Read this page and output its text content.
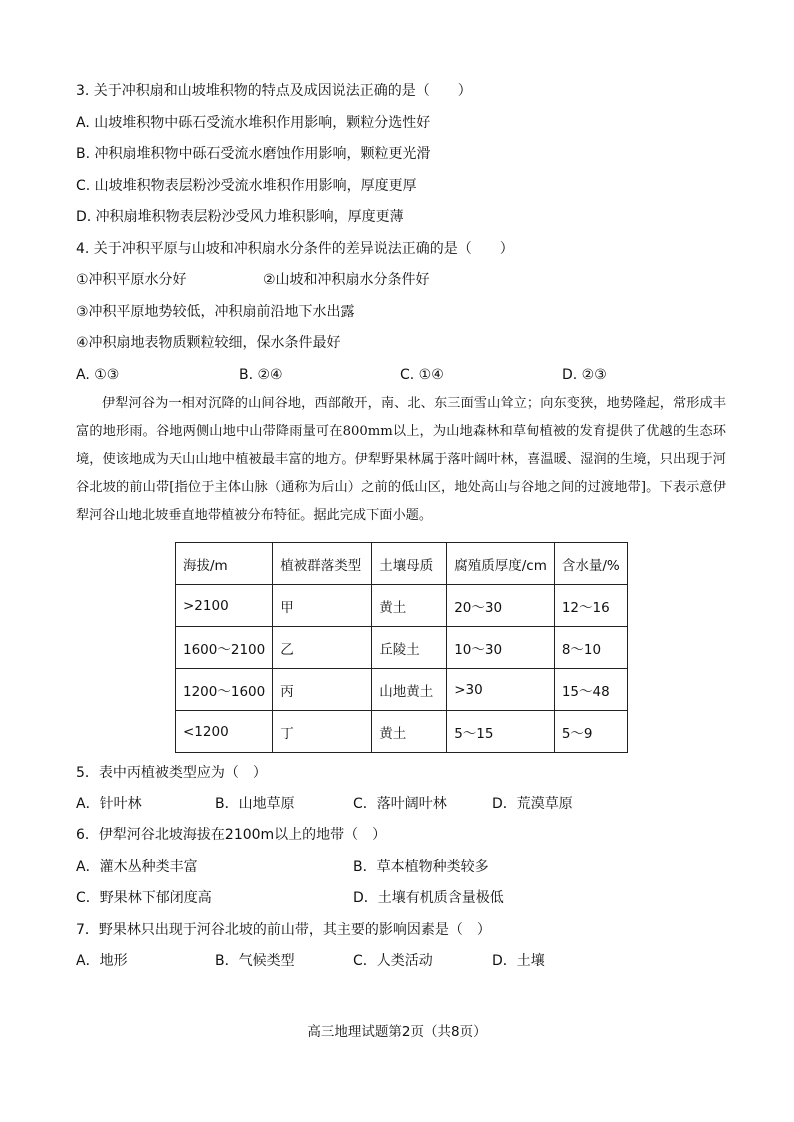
3. 关于冲积扇和山坡堆积物的特点及成因说法正确的是（　　）
A. 山坡堆积物中砾石受流水堆积作用影响，颗粒分选性好
B. 冲积扇堆积物中砾石受流水磨蚀作用影响，颗粒更光滑
C. 山坡堆积物表层粉沙受流水堆积作用影响，厚度更厚
D. 冲积扇堆积物表层粉沙受风力堆积影响，厚度更薄
4. 关于冲积平原与山坡和冲积扇水分条件的差异说法正确的是（　　）
①冲积平原水分好	②山坡和冲积扇水分条件好
③冲积平原地势较低，冲积扇前沿地下水出露
④冲积扇地表物质颗粒较细，保水条件最好
A. ①③	B. ②④	C. ①④	D. ②③

伊犁河谷为一相对沉降的山间谷地，西部敞开，南、北、东三面雪山耸立；向东变狭，地势隆起，常形成丰富的地形雨。谷地两侧山地中山带降雨量可在800mm以上，为山地森林和草甸植被的发育提供了优越的生态环境，使该地成为天山山地中植被最丰富的地方。伊犁野果林属于落叶阔叶林，喜温暖、湿润的生境，只出现于河谷北坡的前山带[指位于主体山脉（通称为后山）之前的低山区，地处高山与谷地之间的过渡地带]。下表示意伊犁河谷山地北坡垂直地带植被分布特征。据此完成下面小题。

海拔/m	植被群落类型	土壤母质	腐殖质厚度/cm	含水量/%
>2100	甲	黄土	20～30	12～16
1600～2100	乙	丘陵土	10～30	8～10
1200～1600	丙	山地黄土	>30	15～48
<1200	丁	黄土	5～15	5～9
5．表中丙植被类型应为（　）
A．针叶林	B．山地草原	C．落叶阔叶林	D．荒漠草原
6．伊犁河谷北坡海拔在2100m以上的地带（　）
A．灌木丛种类丰富	B．草本植物种类较多
C．野果林下郁闭度高	D．土壤有机质含量极低
7．野果林只出现于河谷北坡的前山带，其主要的影响因素是（　）
A．地形	B．气候类型	C．人类活动	D．土壤
高三地理试题第2页（共8页）
